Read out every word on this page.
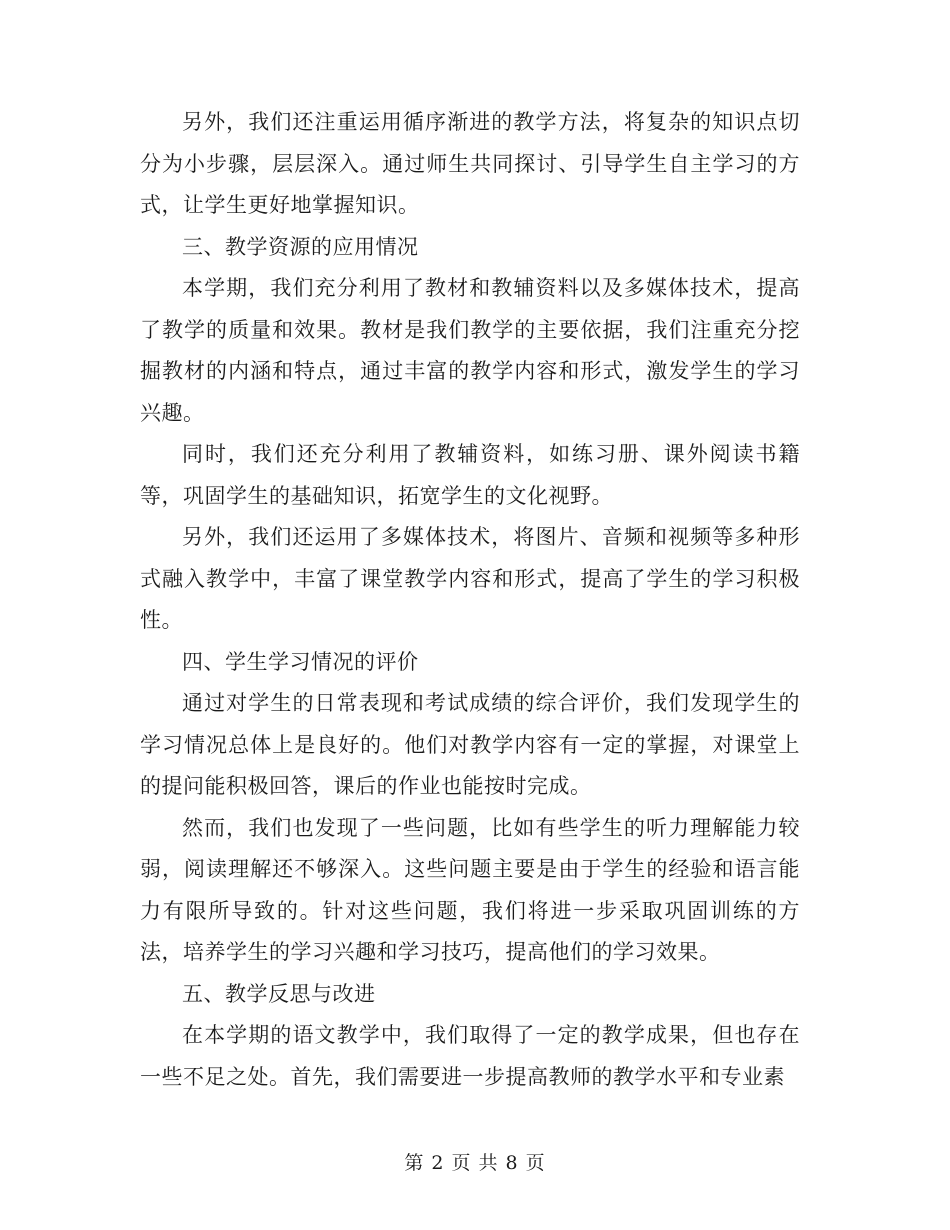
另外，我们还注重运用循序渐进的教学方法，将复杂的知识点切分为小步骤，层层深入。通过师生共同探讨、引导学生自主学习的方式，让学生更好地掌握知识。

三、教学资源的应用情况

本学期，我们充分利用了教材和教辅资料以及多媒体技术，提高了教学的质量和效果。教材是我们教学的主要依据，我们注重充分挖掘教材的内涵和特点，通过丰富的教学内容和形式，激发学生的学习兴趣。

同时，我们还充分利用了教辅资料，如练习册、课外阅读书籍等，巩固学生的基础知识，拓宽学生的文化视野。

另外，我们还运用了多媒体技术，将图片、音频和视频等多种形式融入教学中，丰富了课堂教学内容和形式，提高了学生的学习积极性。

四、学生学习情况的评价

通过对学生的日常表现和考试成绩的综合评价，我们发现学生的学习情况总体上是良好的。他们对教学内容有一定的掌握，对课堂上的提问能积极回答，课后的作业也能按时完成。

然而，我们也发现了一些问题，比如有些学生的听力理解能力较弱，阅读理解还不够深入。这些问题主要是由于学生的经验和语言能力有限所导致的。针对这些问题，我们将进一步采取巩固训练的方法，培养学生的学习兴趣和学习技巧，提高他们的学习效果。

五、教学反思与改进

在本学期的语文教学中，我们取得了一定的教学成果，但也存在一些不足之处。首先，我们需要进一步提高教师的教学水平和专业素

第 2 页 共 8 页
